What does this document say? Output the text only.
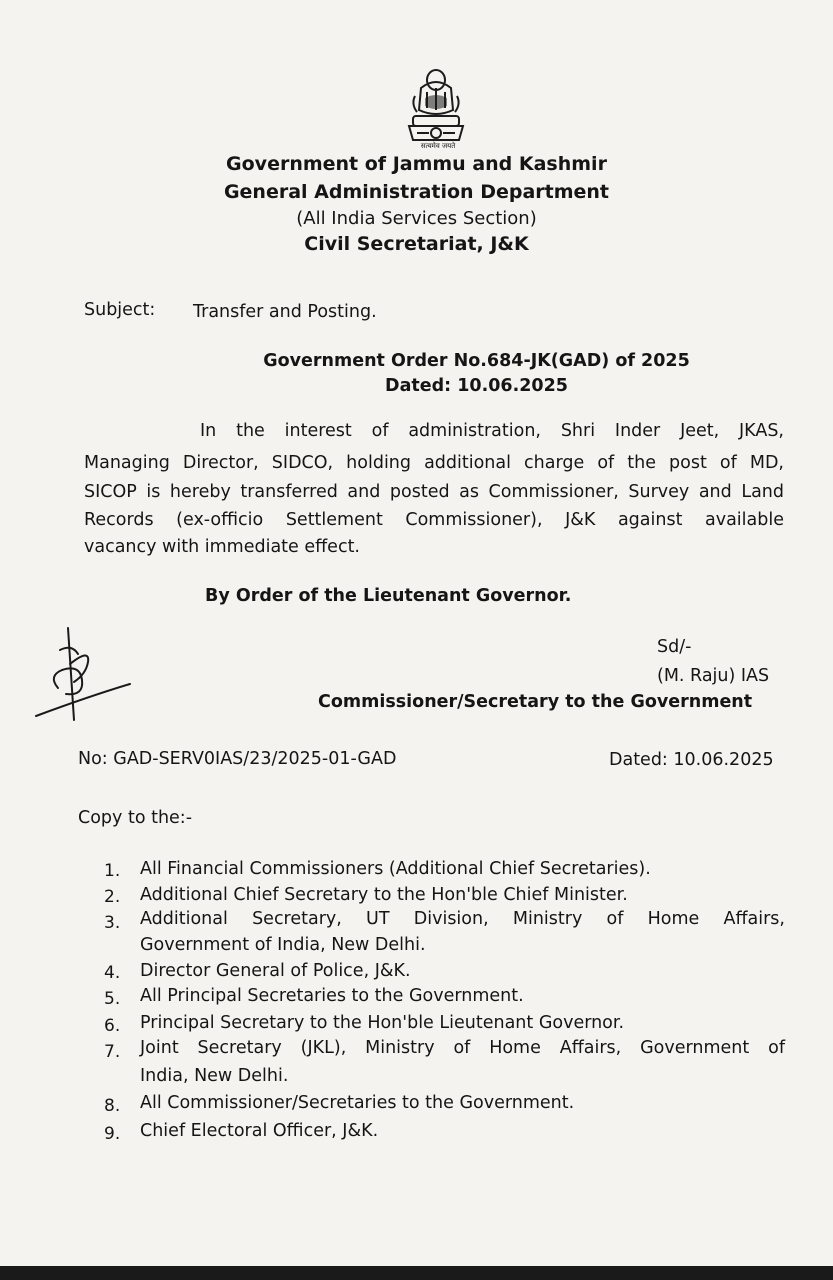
सत्यमेव जयते
Government of Jammu and Kashmir
General Administration Department
(All India Services Section)
Civil Secretariat, J&K
Subject: Transfer and Posting.
Government Order No.684-JK(GAD) of 2025
Dated: 10.06.2025
In the interest of administration, Shri Inder Jeet, JKAS,
Managing Director, SIDCO, holding additional charge of the post of MD,
SICOP is hereby transferred and posted as Commissioner, Survey and Land
Records (ex-officio Settlement Commissioner), J&K against available
vacancy with immediate effect.
By Order of the Lieutenant Governor.
Sd/-
(M. Raju) IAS
Commissioner/Secretary to the Government
No: GAD-SERV0IAS/23/2025-01-GAD	Dated: 10.06.2025
Copy to the:-
1. All Financial Commissioners (Additional Chief Secretaries).
2. Additional Chief Secretary to the Hon'ble Chief Minister.
3. Additional Secretary, UT Division, Ministry of Home Affairs,
Government of India, New Delhi.
4. Director General of Police, J&K.
5. All Principal Secretaries to the Government.
6. Principal Secretary to the Hon'ble Lieutenant Governor.
7. Joint Secretary (JKL), Ministry of Home Affairs, Government of
India, New Delhi.
8. All Commissioner/Secretaries to the Government.
9. Chief Electoral Officer, J&K.
